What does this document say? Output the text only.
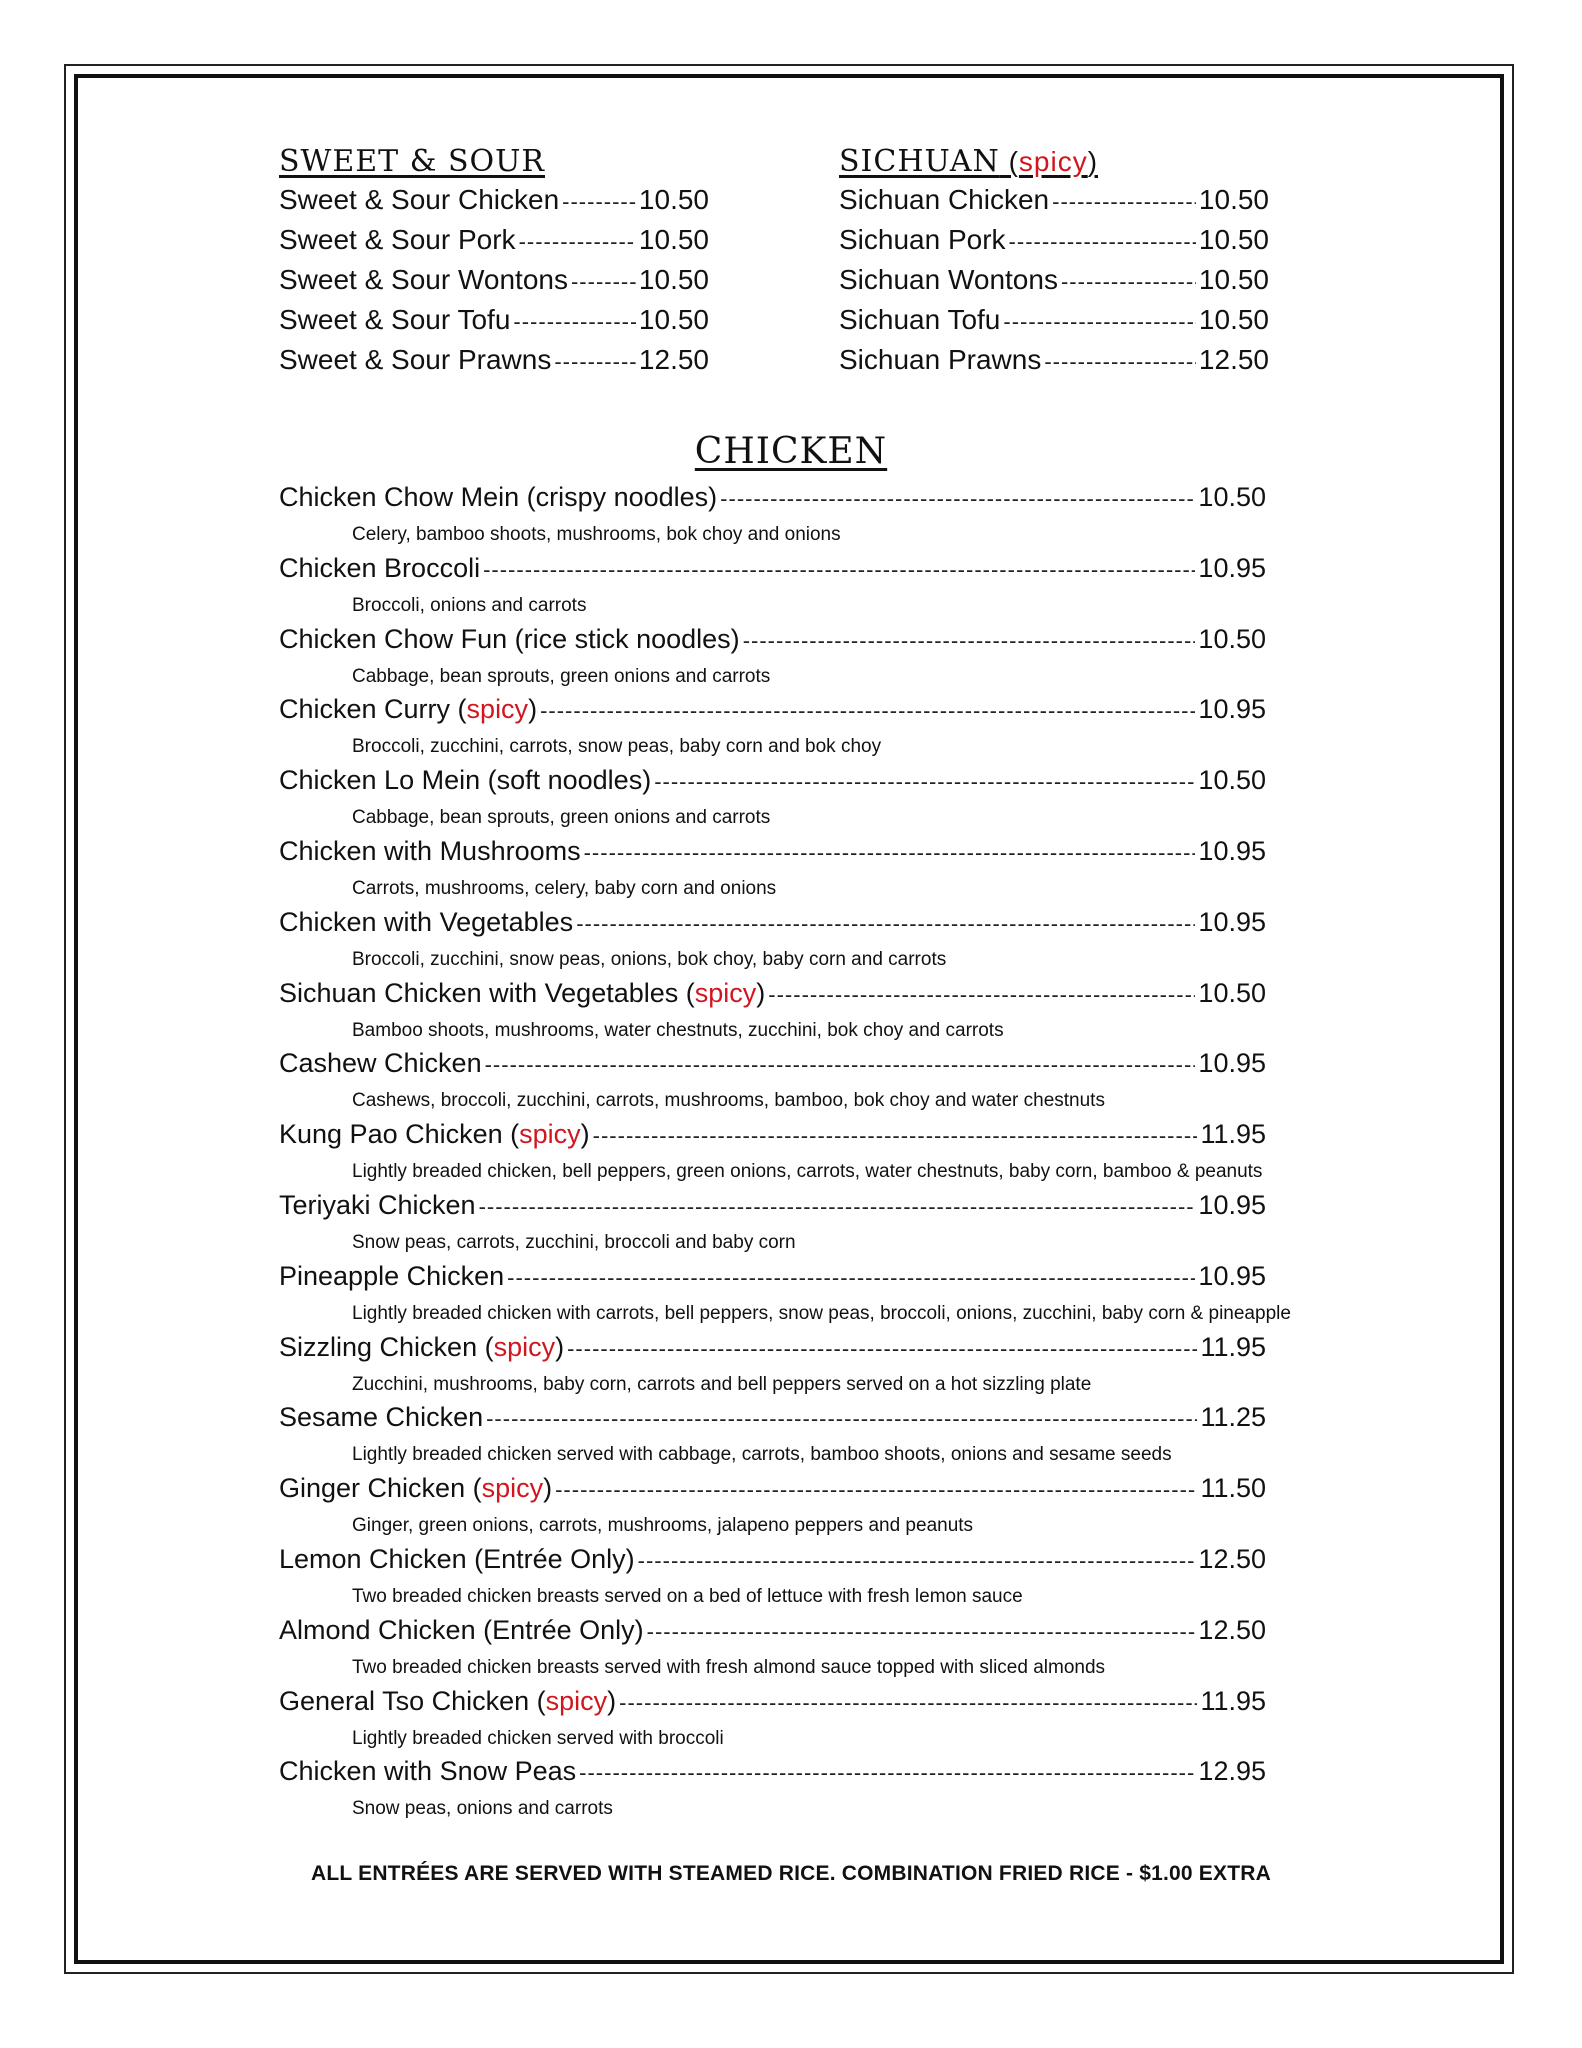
SWEET & SOUR
Sweet & Sour Chicken -----	10.50
Sweet & Sour Pork -----	10.50
Sweet & Sour Wontons -----	10.50
Sweet & Sour Tofu -----	10.50
Sweet & Sour Prawns -----	12.50
SICHUAN (spicy)
Sichuan Chicken -----	10.50
Sichuan Pork -----	10.50
Sichuan Wontons -----	10.50
Sichuan Tofu -----	10.50
Sichuan Prawns -----	12.50
CHICKEN
Chicken Chow Mein (crispy noodles) -----	10.50
Celery, bamboo shoots, mushrooms, bok choy and onions
Chicken Broccoli -----	10.95
Broccoli, onions and carrots
Chicken Chow Fun (rice stick noodles) -----	10.50
Cabbage, bean sprouts, green onions and carrots
Chicken Curry (spicy) -----	10.95
Broccoli, zucchini, carrots, snow peas, baby corn and bok choy
Chicken Lo Mein (soft noodles) -----	10.50
Cabbage, bean sprouts, green onions and carrots
Chicken with Mushrooms -----	10.95
Carrots, mushrooms, celery, baby corn and onions
Chicken with Vegetables -----	10.95
Broccoli, zucchini, snow peas, onions, bok choy, baby corn and carrots
Sichuan Chicken with Vegetables (spicy) -----	10.50
Bamboo shoots, mushrooms, water chestnuts, zucchini, bok choy and carrots
Cashew Chicken -----	10.95
Cashews, broccoli, zucchini, carrots, mushrooms, bamboo, bok choy and water chestnuts
Kung Pao Chicken (spicy) -----	11.95
Lightly breaded chicken, bell peppers, green onions, carrots, water chestnuts, baby corn, bamboo & peanuts
Teriyaki Chicken -----	10.95
Snow peas, carrots, zucchini, broccoli and baby corn
Pineapple Chicken -----	10.95
Lightly breaded chicken with carrots, bell peppers, snow peas, broccoli, onions, zucchini, baby corn & pineapple
Sizzling Chicken (spicy) -----	11.95
Zucchini, mushrooms, baby corn, carrots and bell peppers served on a hot sizzling plate
Sesame Chicken -----	11.25
Lightly breaded chicken served with cabbage, carrots, bamboo shoots, onions and sesame seeds
Ginger Chicken (spicy) -----	11.50
Ginger, green onions, carrots, mushrooms, jalapeno peppers and peanuts
Lemon Chicken (Entrée Only) -----	12.50
Two breaded chicken breasts served on a bed of lettuce with fresh lemon sauce
Almond Chicken (Entrée Only) -----	12.50
Two breaded chicken breasts served with fresh almond sauce topped with sliced almonds
General Tso Chicken (spicy) -----	11.95
Lightly breaded chicken served with broccoli
Chicken with Snow Peas -----	12.95
Snow peas, onions and carrots
ALL ENTRÉES ARE SERVED WITH STEAMED RICE. COMBINATION FRIED RICE - $1.00 EXTRA
